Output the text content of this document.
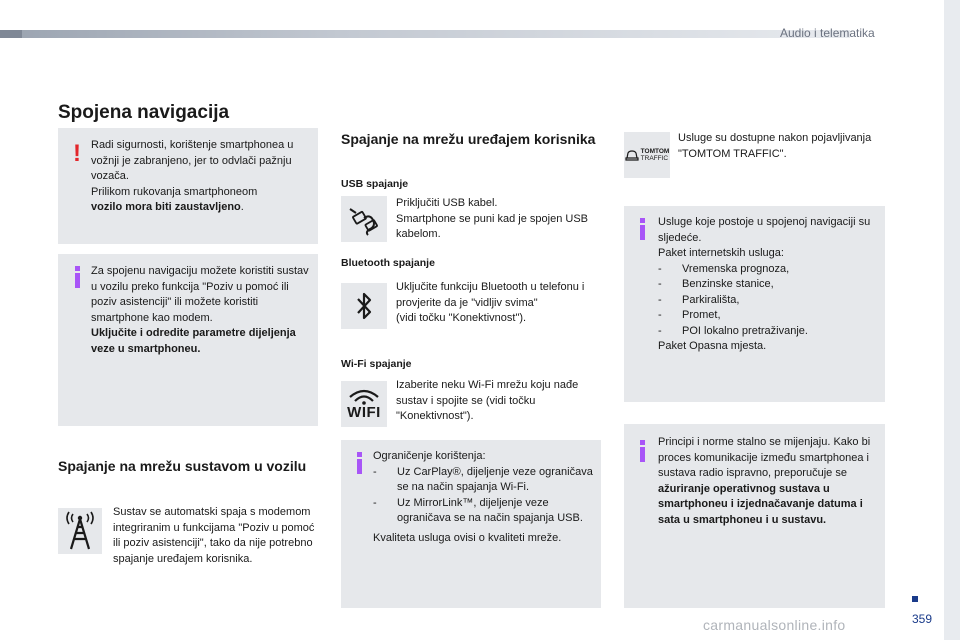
Audio i telematika
Spojena navigacija
! Radi sigurnosti, korištenje smartphonea u vožnji je zabranjeno, jer to odvlači pažnju vozača.
Prilikom rukovanja smartphoneom
vozilo mora biti zaustavljeno.
Za spojenu navigaciju možete koristiti sustav u vozilu preko funkcija "Poziv u pomoć ili poziv asistenciji" ili možete koristiti smartphone kao modem.
Uključite i odredite parametre dijeljenja veze u smartphoneu.
Spajanje na mrežu sustavom u vozilu
Sustav se automatski spaja s modemom integriranim u funkcijama "Poziv u pomoć ili poziv asistenciji", tako da nije potrebno spajanje uređajem korisnika.
Spajanje na mrežu uređajem korisnika
USB spajanje
Priključiti USB kabel.
Smartphone se puni kad je spojen USB kabelom.
Bluetooth spajanje
Uključite funkciju Bluetooth u telefonu i provjerite da je "vidljiv svima"
(vidi točku "Konektivnost").
Wi-Fi spajanje
WIFI
Izaberite neku Wi-Fi mrežu koju nađe sustav i spojite se (vidi točku "Konektivnost").
Ograničenje korištenja:
-	Uz CarPlay®, dijeljenje veze ograničava se na način spajanja Wi-Fi.
-	Uz MirrorLink™, dijeljenje veze ograničava se na način spajanja USB.
Kvaliteta usluga ovisi o kvaliteti mreže.
TOMTOM
TRAFFIC
Usluge su dostupne nakon pojavljivanja "TOMTOM TRAFFIC".
Usluge koje postoje u spojenoj navigaciji su sljedeće.
Paket internetskih usluga:
-	Vremenska prognoza,
-	Benzinske stanice,
-	Parkirališta,
-	Promet,
-	POI lokalno pretraživanje.
Paket Opasna mjesta.
Principi i norme stalno se mijenjaju. Kako bi proces komunikacije između smartphonea i sustava radio ispravno, preporučuje se ažuriranje operativnog sustava u smartphoneu i izjednačavanje datuma i sata u smartphoneu i u sustavu.
carmanualsonline.info	359
